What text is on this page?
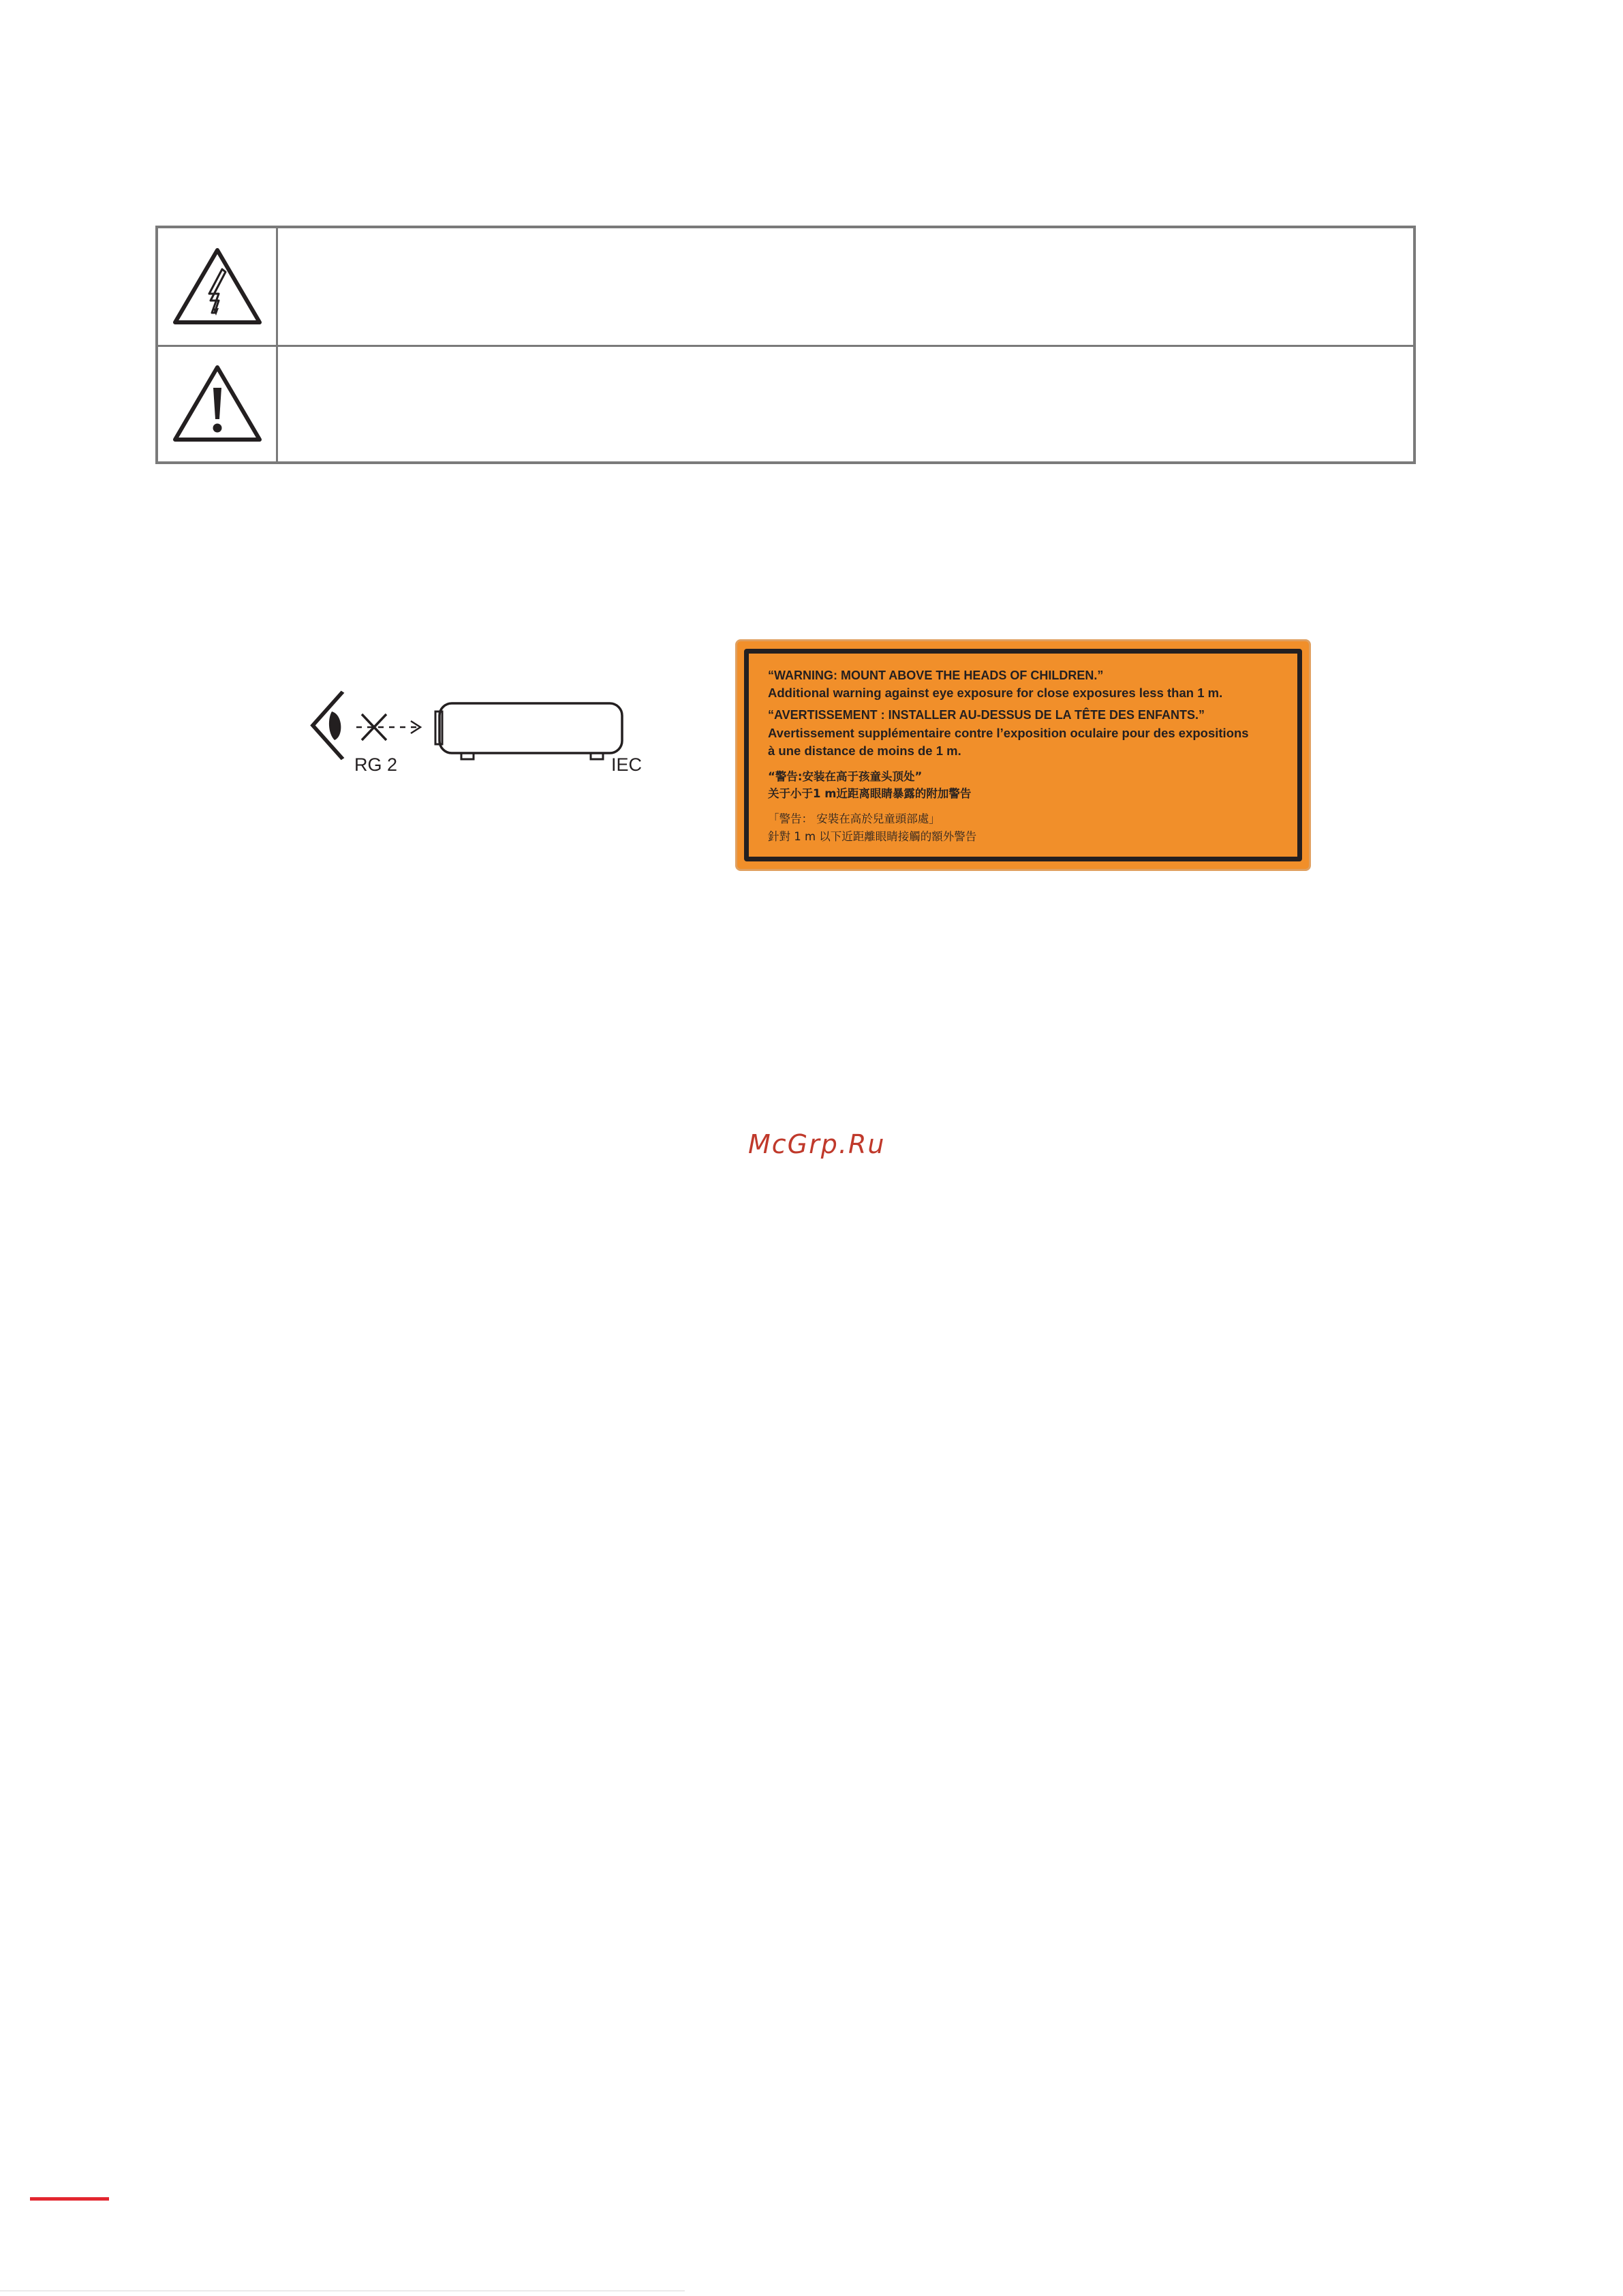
RG 2	IEC
“WARNING: MOUNT ABOVE THE HEADS OF CHILDREN.”
Additional warning against eye exposure for close exposures less than 1 m.
“AVERTISSEMENT : INSTALLER AU-DESSUS DE LA TÊTE DES ENFANTS.”
Avertissement supplémentaire contre l’exposition oculaire pour des expositions
à une distance de moins de 1 m.
“警告:安装在高于孩童头顶处”
关于小于1 m近距离眼睛暴露的附加警告
「警告： 安裝在高於兒童頭部處」
針對 1 m 以下近距離眼睛接觸的額外警告
McGrp.Ru
